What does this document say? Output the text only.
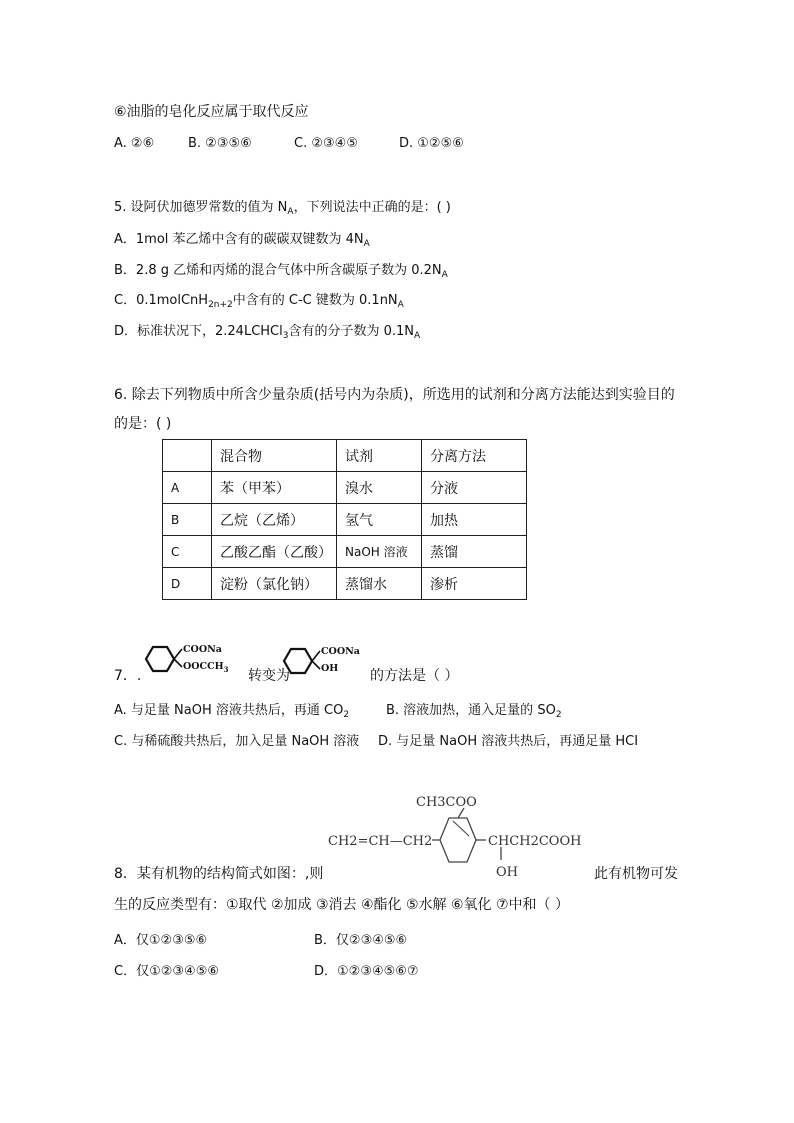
⑥油脂的皂化反应属于取代反应
A. ②⑥	B. ②③⑤⑥	C. ②③④⑤	D. ①②⑤⑥
5. 设阿伏加德罗常数的值为 $N_A$，下列说法中正确的是：( )
A．1mol 苯乙烯中含有的碳碳双键数为 $4N_A$
B．2.8 g 乙烯和丙烯的混合气体中所含碳原子数为 $0.2N_A$
C．0.1molCnH$_{2n+2}$中含有的 C-C 键数为 $0.1nN_A$
D．标准状况下，2.24LCHCl$_3$含有的分子数为 $0.1N_A$
6. 除去下列物质中所含少量杂质(括号内为杂质)，所选用的试剂和分离方法能达到实验目的
的是：( )
	混合物	试剂	分离方法
A	苯（甲苯）	溴水	分液
B	乙烷（乙烯）	氢气	加热
C	乙酸乙酯（乙酸）	NaOH 溶液	蒸馏
D	淀粉（氯化钠）	蒸馏水	渗析
7．.
COONa
$OOCCH_3$ 转变为
COONa
OH 的方法是（ ）
A. 与足量 NaOH 溶液共热后，再通 $CO_2$	B. 溶液加热，通入足量的 $SO_2$
C. 与稀硫酸共热后，加入足量 NaOH 溶液 D. 与足量 NaOH 溶液共热后，再通足量 HCI
CH3COO
CH2=CH—CH2	CHCH2COOH
OH
8．某有机物的结构简式如图：,则	此有机物可发
生的反应类型有：①取代 ②加成 ③消去 ④酯化 ⑤水解 ⑥氧化 ⑦中和（ ）
A．仅①②③⑤⑥	B．仅②③④⑤⑥
C．仅①②③④⑤⑥	D．①②③④⑤⑥⑦
